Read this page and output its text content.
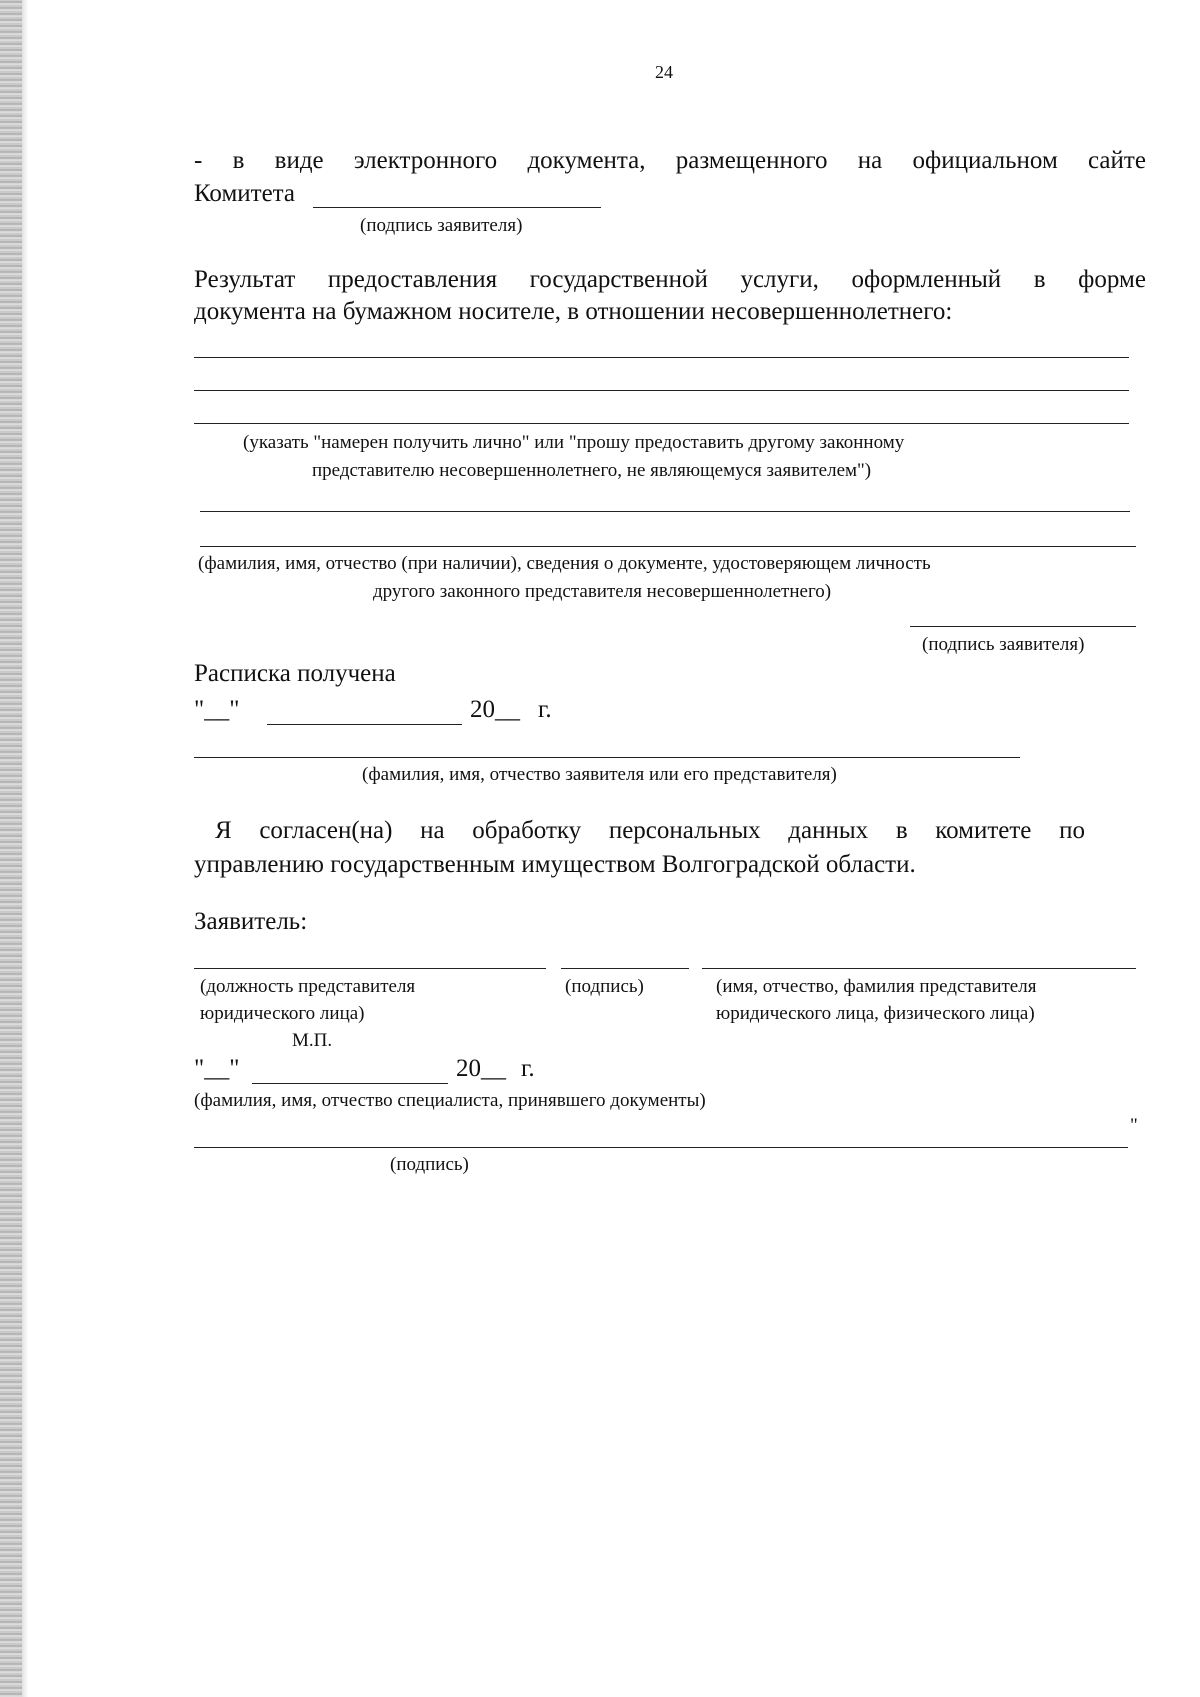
24
- в виде электронного документа, размещенного на официальном сайте
Комитета
(подпись заявителя)
Результат предоставления государственной услуги, оформленный в форме
документа на бумажном носителе, в отношении несовершеннолетнего:
(указать "намерен получить лично" или "прошу предоставить другому законному
представителю несовершеннолетнего, не являющемуся заявителем")
(фамилия, имя, отчество (при наличии), сведения о документе, удостоверяющем личность
другого законного представителя несовершеннолетнего)
(подпись заявителя)
Расписка получена
"__"	20__ г.
(фамилия, имя, отчество заявителя или его представителя)
Я согласен(на) на обработку персональных данных в комитете по
управлению государственным имуществом Волгоградской области.
Заявитель:
(должность представителя
юридического лица)
М.П.
(подпись)	(имя, отчество, фамилия представителя
юридического лица, физического лица)
"__"	20__ г.
(фамилия, имя, отчество специалиста, принявшего документы)
"
(подпись)
